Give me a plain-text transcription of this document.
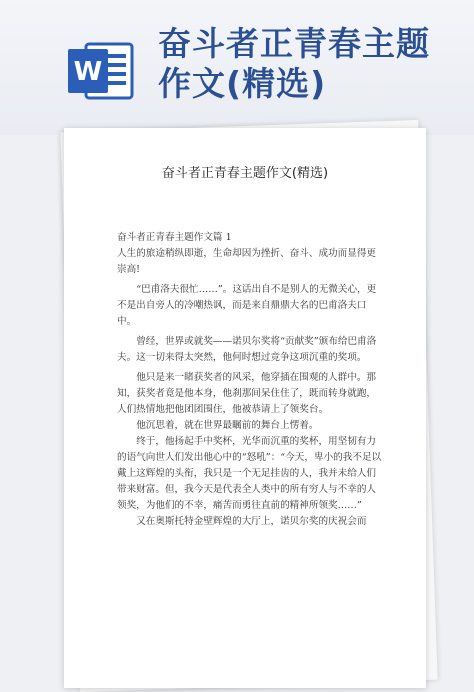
W
奋斗者正青春主题
作文(精选)
奋斗者正青春主题作文(精选)

奋斗者正青春主题作文篇 1

人生的旅途稍纵即逝，生命却因为挫折、奋斗、成功而显得更崇高!

“巴甫洛夫很忙……”。这话出自不是别人的无微关心，更不是出自旁人的冷嘲热讽，而是来自鼎鼎大名的巴甫洛夫口中。

曾经，世界或就奖——诺贝尔奖将“贡献奖”颁布给巴甫洛夫。这一切来得太突然，他何时想过竞争这项沉重的奖项。

他只是来一睹获奖者的风采，他穿插在围观的人群中。那知，获奖者竟是他本身，他刹那间呆住住了，既而转身就跑，人们热情地把他团团围住，他被恭请上了领奖台。

他沉思着，就在世界最瞩前的舞台上愣着。

终于，他扬起手中奖杯，光华而沉重的奖杯，用坚韧有力的语气向世人们发出他心中的“怒吼”：“今天，卑小的我不足以戴上这辉煌的头衔，我只是一个无足挂齿的人，我并未给人们带来财富。但，我今天是代表全人类中的所有穷人与不幸的人领奖，为他们的不幸，痛苦而勇往直前的精神所领奖……”

又在奥斯托特金壁辉煌的大厅上，诺贝尔奖的庆祝会而
